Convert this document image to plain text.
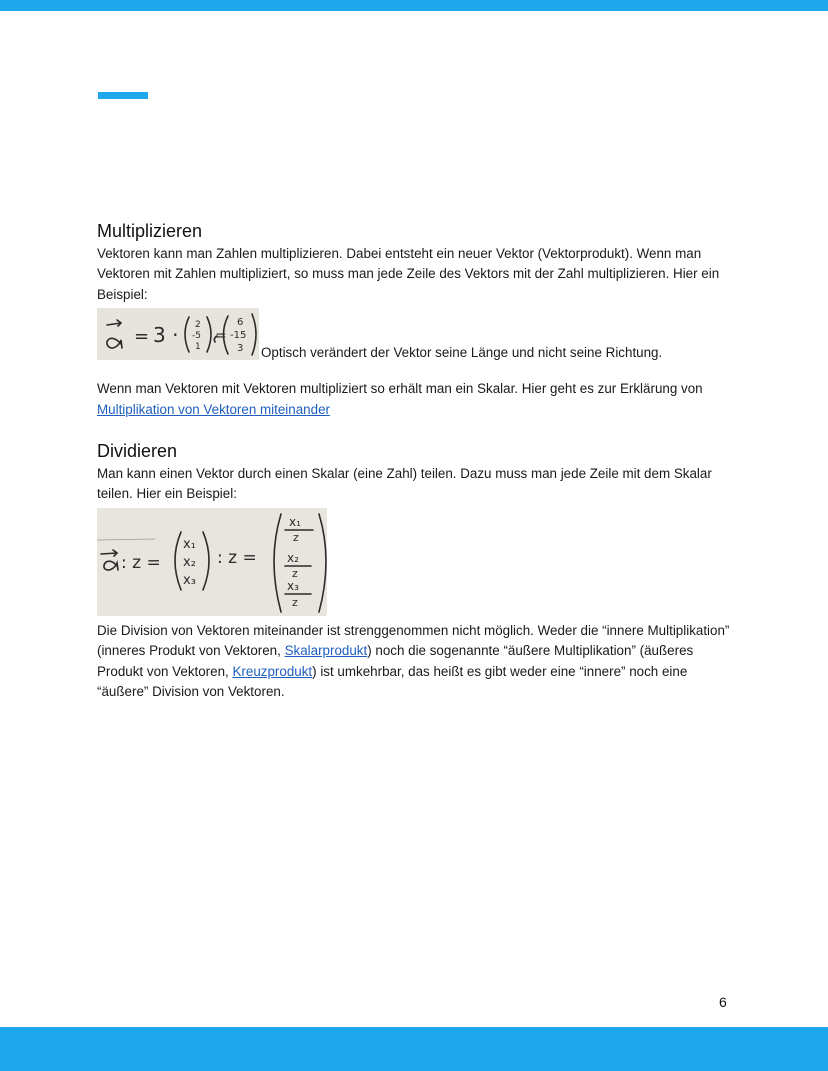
Multiplizieren

Vektoren kann man Zahlen multiplizieren. Dabei entsteht ein neuer Vektor (Vektorprodukt). Wenn man Vektoren mit Zahlen multipliziert, so muss man jede Zeile des Vektors mit der Zahl multiplizieren. Hier ein Beispiel:

= 3 · 2
-5
1
=
6
-15
3 Optisch verändert der Vektor seine Länge und nicht seine Richtung.

Wenn man Vektoren mit Vektoren multipliziert so erhält man ein Skalar. Hier geht es zur Erklärung von Multiplikation von Vektoren miteinander

Dividieren

Man kann einen Vektor durch einen Skalar (eine Zahl) teilen. Dazu muss man jede Zeile mit dem Skalar teilen. Hier ein Beispiel:

: z =
x₁
x₂
x₃
: z =
x₁
z
x₂
z
x₃
z

Die Division von Vektoren miteinander ist strenggenommen nicht möglich. Weder die “innere Multiplikation” (inneres Produkt von Vektoren, Skalarprodukt) noch die sogenannte “äußere Multiplikation” (äußeres Produkt von Vektoren, Kreuzprodukt) ist umkehrbar, das heißt es gibt weder eine “innere” noch eine “äußere” Division von Vektoren.

6
